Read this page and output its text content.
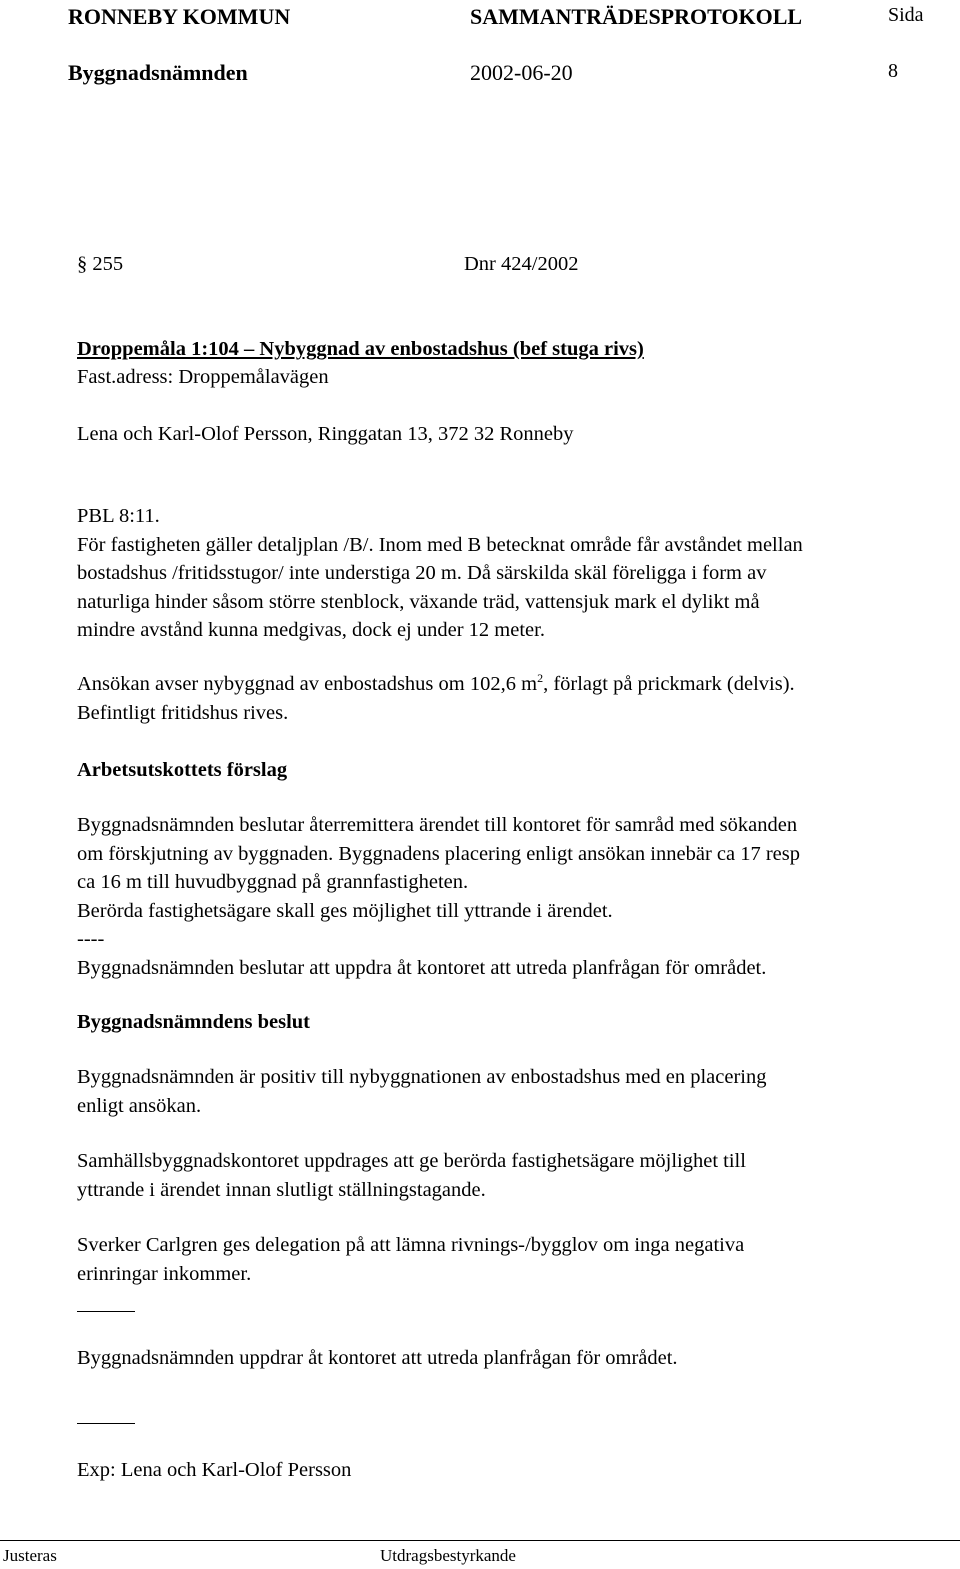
RONNEBY KOMMUN	SAMMANTRÄDESPROTOKOLL	Sida
Byggnadsnämnden	2002-06-20	8
§ 255	Dnr 424/2002
Droppemåla 1:104 – Nybyggnad av enbostadshus (bef stuga rivs)
Fast.adress: Droppemålavägen
Lena och Karl-Olof Persson, Ringgatan 13, 372 32 Ronneby
PBL 8:11.
För fastigheten gäller detaljplan /B/. Inom med B betecknat område får avståndet mellan
bostadshus /fritidsstugor/ inte understiga 20 m. Då särskilda skäl föreligga i form av
naturliga hinder såsom större stenblock, växande träd, vattensjuk mark el dylikt må
mindre avstånd kunna medgivas, dock ej under 12 meter.
Ansökan avser nybyggnad av enbostadshus om 102,6 $m^2$, förlagt på prickmark (delvis).
Befintligt fritidshus rives.
Arbetsutskottets förslag
Byggnadsnämnden beslutar återremittera ärendet till kontoret för samråd med sökanden
om förskjutning av byggnaden. Byggnadens placering enligt ansökan innebär ca 17 resp
ca 16 m till huvudbyggnad på grannfastigheten.
Berörda fastighetsägare skall ges möjlighet till yttrande i ärendet.
----
Byggnadsnämnden beslutar att uppdra åt kontoret att utreda planfrågan för området.
Byggnadsnämndens beslut
Byggnadsnämnden är positiv till nybyggnationen av enbostadshus med en placering
enligt ansökan.
Samhällsbyggnadskontoret uppdrages att ge berörda fastighetsägare möjlighet till
yttrande i ärendet innan slutligt ställningstagande.
Sverker Carlgren ges delegation på att lämna rivnings-/bygglov om inga negativa
erinringar inkommer.
Byggnadsnämnden uppdrar åt kontoret att utreda planfrågan för området.
Exp: Lena och Karl-Olof Persson
Justeras	Utdragsbestyrkande
